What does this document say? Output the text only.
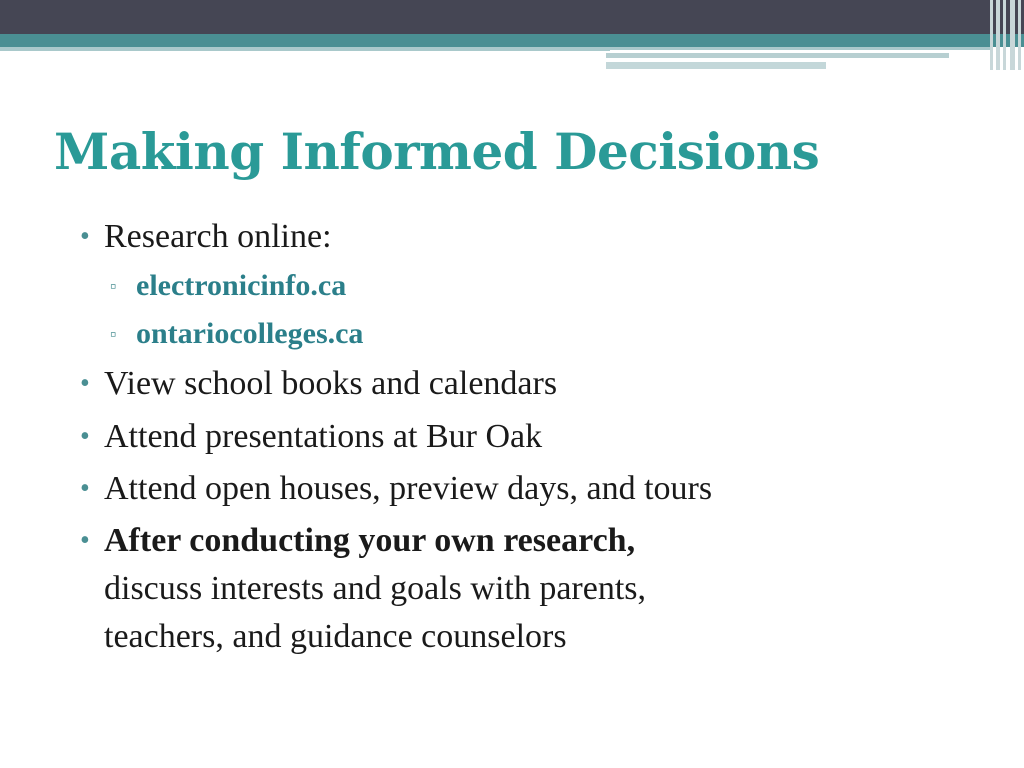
Making Informed Decisions
• Research online:
▫ electronicinfo.ca
▫ ontariocolleges.ca
• View school books and calendars
• Attend presentations at Bur Oak
• Attend open houses, preview days, and tours
• After conducting your own research,
discuss interests and goals with parents,
teachers, and guidance counselors
